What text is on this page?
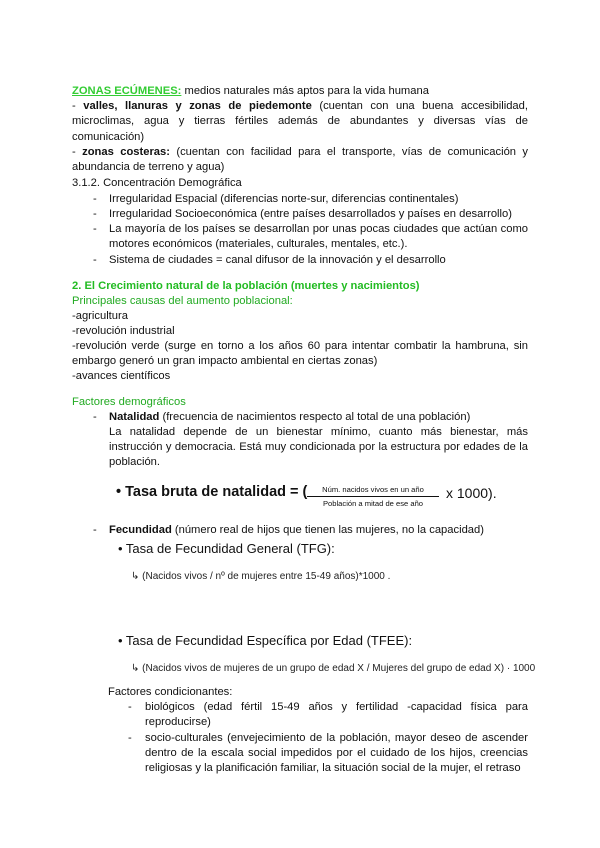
ZONAS ECÚMENES: medios naturales más aptos para la vida humana
- valles, llanuras y zonas de piedemonte (cuentan con una buena accesibilidad, microclimas, agua y tierras fértiles además de abundantes y diversas vías de comunicación)
- zonas costeras: (cuentan con facilidad para el transporte, vías de comunicación y abundancia de terreno y agua)
3.1.2. Concentración Demográfica
- Irregularidad Espacial (diferencias norte-sur, diferencias continentales)
- Irregularidad Socioeconómica (entre países desarrollados y países en desarrollo)
- La mayoría de los países se desarrollan por unas pocas ciudades que actúan como motores económicos (materiales, culturales, mentales, etc.).
- Sistema de ciudades = canal difusor de la innovación y el desarrollo
2. El Crecimiento natural de la población (muertes y nacimientos)
Principales causas del aumento poblacional:
-agricultura
-revolución industrial
-revolución verde (surge en torno a los años 60 para intentar combatir la hambruna, sin embargo generó un gran impacto ambiental en ciertas zonas)
-avances científicos
Factores demográficos
- Natalidad (frecuencia de nacimientos respecto al total de una población)
La natalidad depende de un bienestar mínimo, cuanto más bienestar, más instrucción y democracia. Está muy condicionada por la estructura por edades de la población.
• Tasa bruta de natalidad = (	Núm. nacidos vivos en un año
Población a mitad de ese año
x 1000).
- Fecundidad (número real de hijos que tienen las mujeres, no la capacidad)
• Tasa de Fecundidad General (TFG):
↳ (Nacidos vivos / nº de mujeres entre 15-49 años)*1000 .
• Tasa de Fecundidad Específica por Edad (TFEE):
↳ (Nacidos vivos de mujeres de un grupo de edad X / Mujeres del grupo de edad X) · 1000
Factores condicionantes:
- biológicos (edad fértil 15-49 años y fertilidad -capacidad física para reproducirse)
- socio-culturales (envejecimiento de la población, mayor deseo de ascender dentro de la escala social impedidos por el cuidado de los hijos, creencias religiosas y la planificación familiar, la situación social de la mujer, el retraso
